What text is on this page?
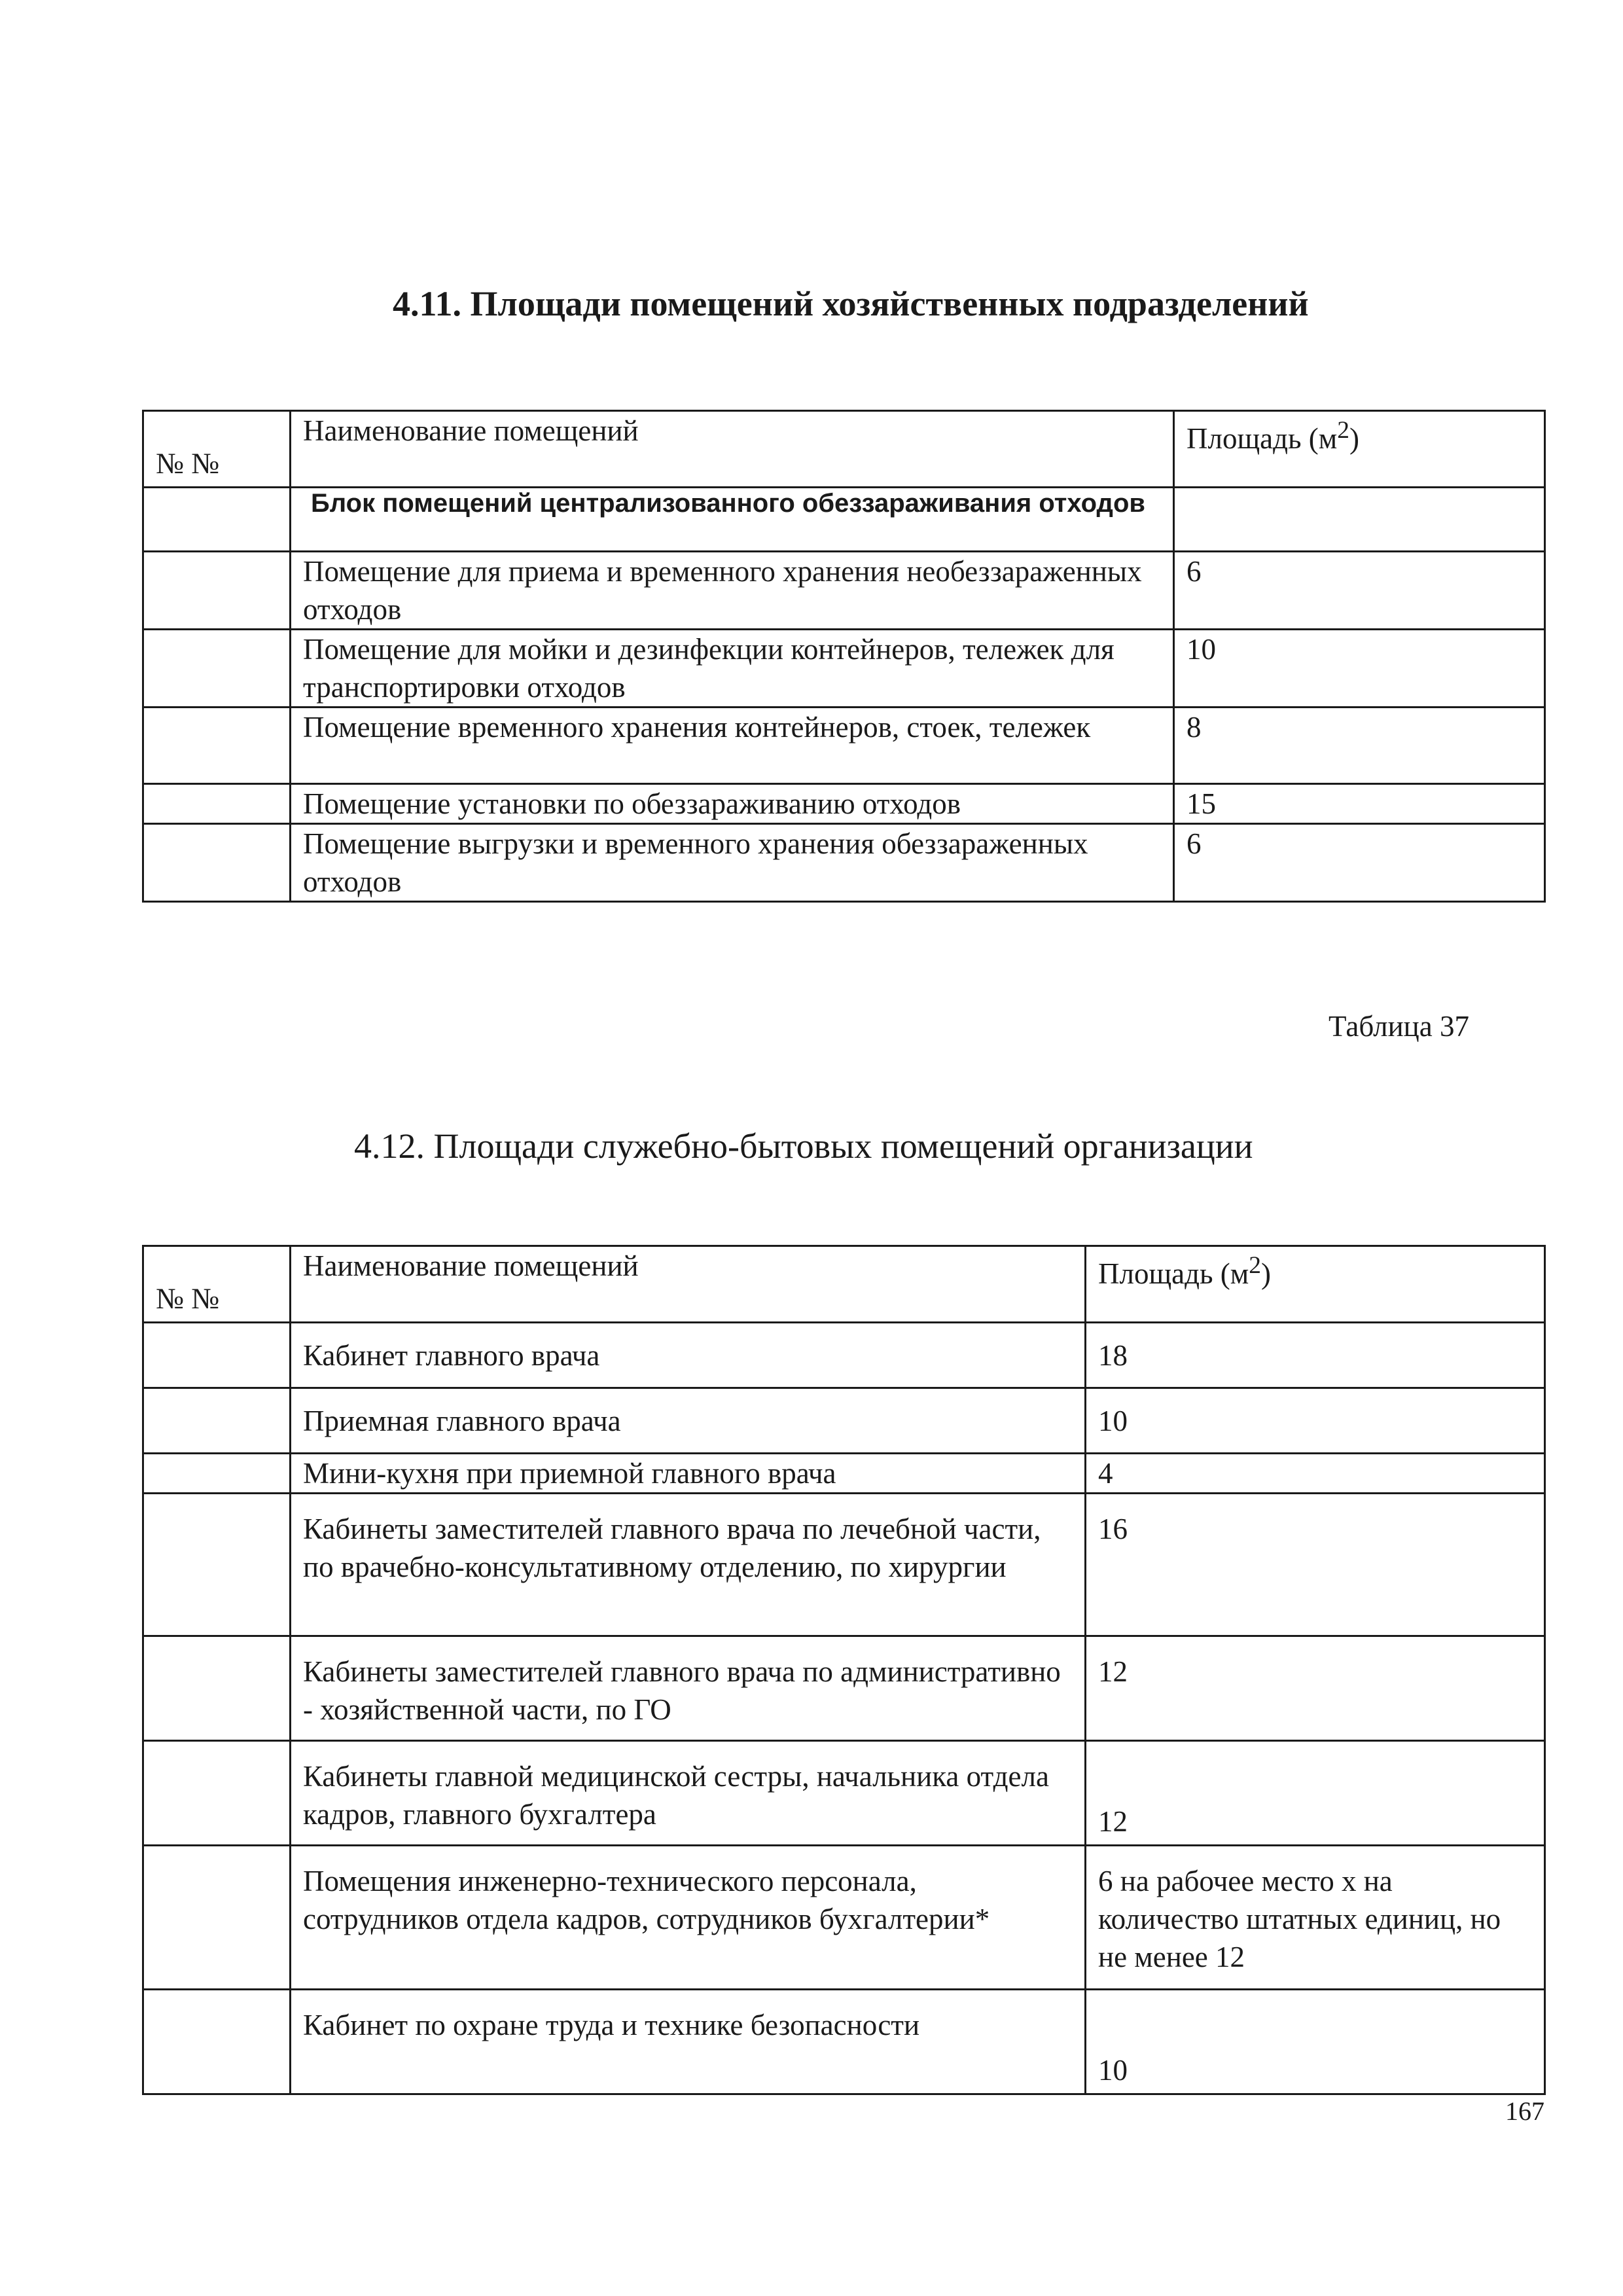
4.11. Площади помещений хозяйственных подразделений
№ №	Наименование помещений	Площадь $(м^2)$
	Блок помещений централизованного обеззараживания отходов	
	Помещение для приема и временного хранения необеззараженных отходов	6
	Помещение для мойки и дезинфекции контейнеров, тележек для транспортировки отходов	10
	Помещение временного хранения контейнеров, стоек, тележек	8
	Помещение установки по обеззараживанию отходов	15
	Помещение выгрузки и временного хранения обеззараженных отходов	6
Таблица 37
4.12. Площади служебно-бытовых помещений организации
№ №	Наименование помещений	Площадь $(м^2)$
	Кабинет главного врача	18
	Приемная главного врача	10
	Мини-кухня при приемной главного врача	4
	Кабинеты заместителей главного врача по лечебной части, по врачебно-консультативному отделению, по хирургии	16
	Кабинеты заместителей главного врача по административно - хозяйственной части, по ГО	12
	Кабинеты главной медицинской сестры, начальника отдела кадров, главного бухгалтера	12
	Помещения инженерно-технического персонала, сотрудников отдела кадров, сотрудников бухгалтерии*	6 на рабочее место х на количество штатных единиц, но не менее 12
	Кабинет по охране труда и технике безопасности	10
167
